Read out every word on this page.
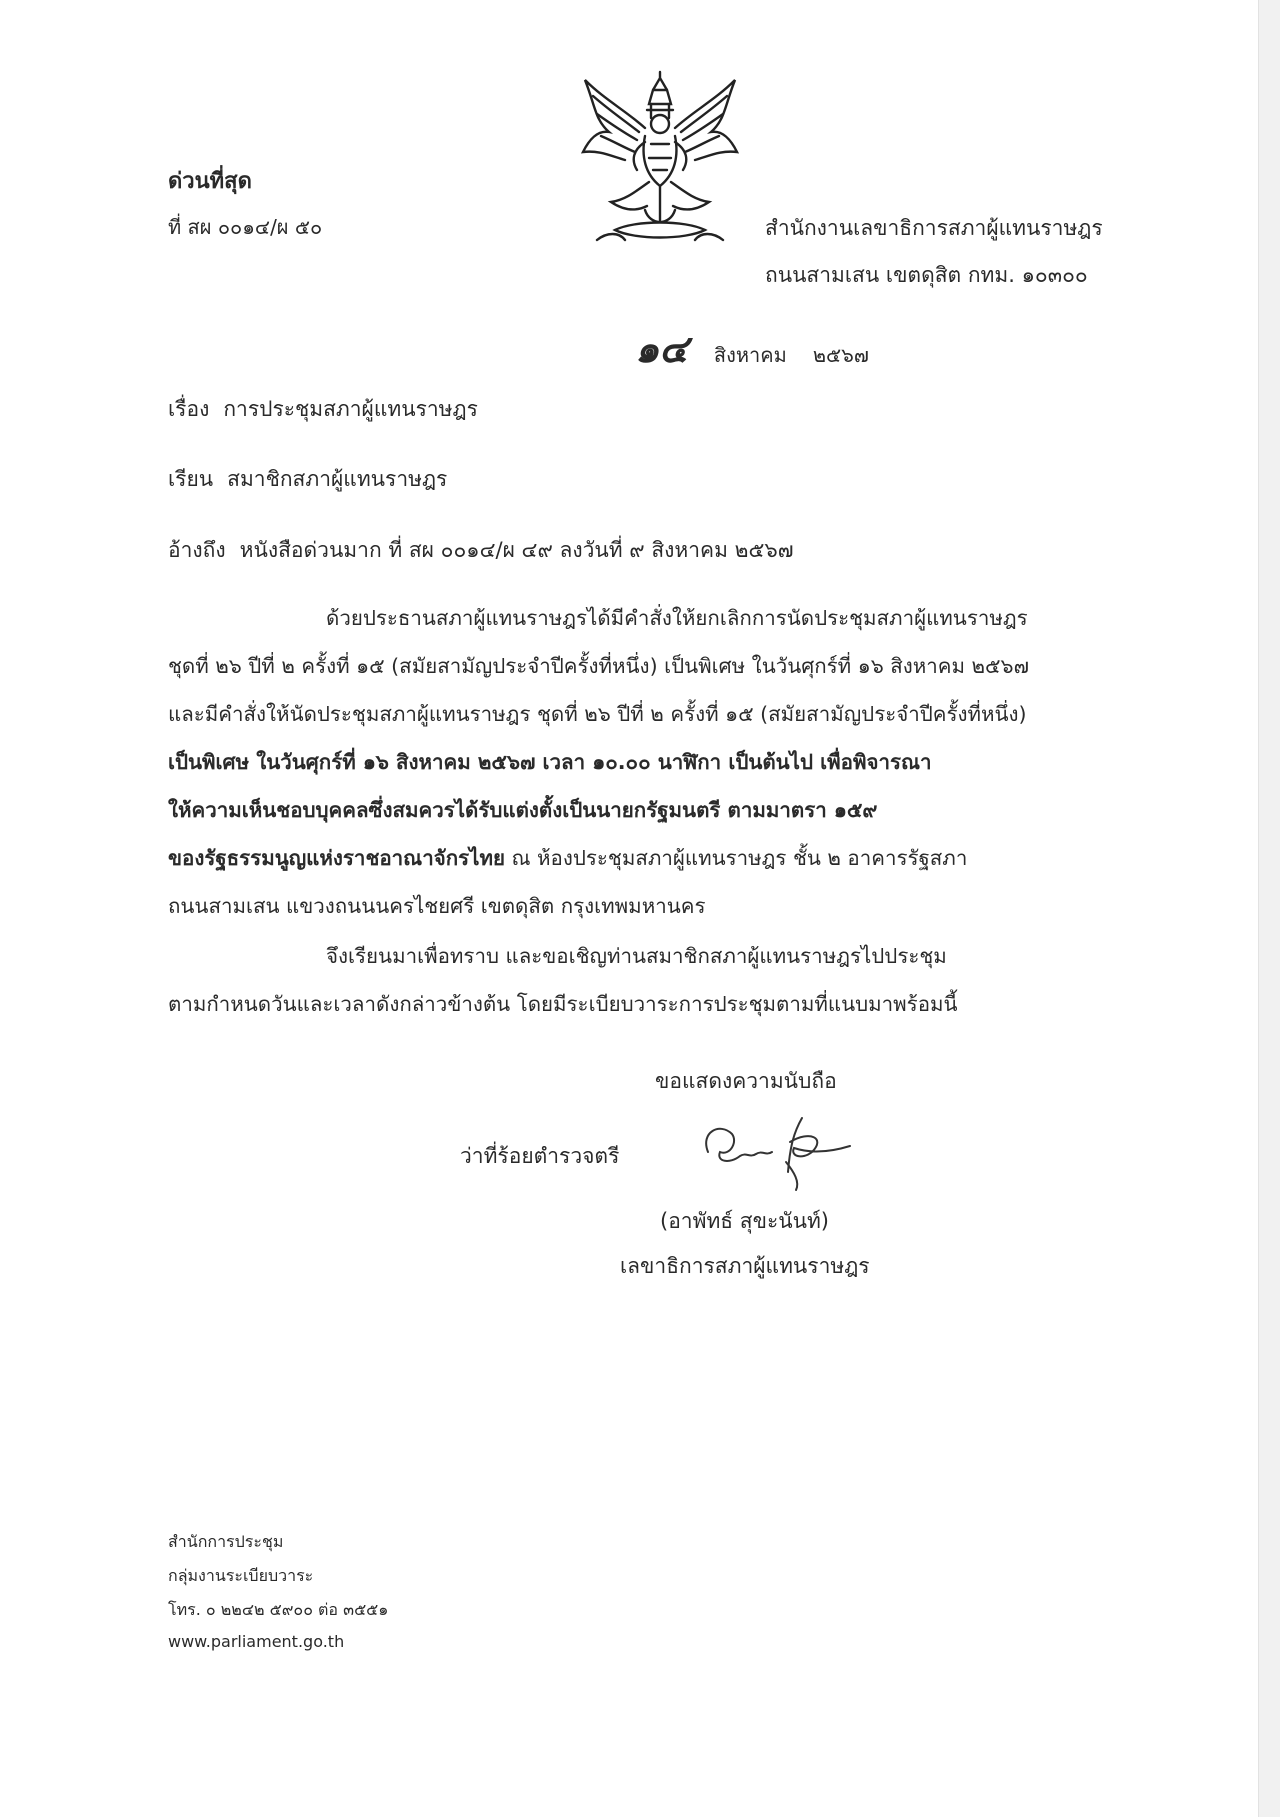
ด่วนที่สุด
ที่ สผ ๐๐๑๔/ผ ๕๐	สำนักงานเลขาธิการสภาผู้แทนราษฎร
ถนนสามเสน เขตดุสิต กทม. ๑๐๓๐๐
๑๔ สิงหาคม ๒๕๖๗
เรื่อง การประชุมสภาผู้แทนราษฎร
เรียน สมาชิกสภาผู้แทนราษฎร
อ้างถึง หนังสือด่วนมาก ที่ สผ ๐๐๑๔/ผ ๔๙ ลงวันที่ ๙ สิงหาคม ๒๕๖๗
ด้วยประธานสภาผู้แทนราษฎรได้มีคำสั่งให้ยกเลิกการนัดประชุมสภาผู้แทนราษฎร
ชุดที่ ๒๖ ปีที่ ๒ ครั้งที่ ๑๕ (สมัยสามัญประจำปีครั้งที่หนึ่ง) เป็นพิเศษ ในวันศุกร์ที่ ๑๖ สิงหาคม ๒๕๖๗
และมีคำสั่งให้นัดประชุมสภาผู้แทนราษฎร ชุดที่ ๒๖ ปีที่ ๒ ครั้งที่ ๑๕ (สมัยสามัญประจำปีครั้งที่หนึ่ง)
เป็นพิเศษ ในวันศุกร์ที่ ๑๖ สิงหาคม ๒๕๖๗ เวลา ๑๐.๐๐ นาฬิกา เป็นต้นไป เพื่อพิจารณา
ให้ความเห็นชอบบุคคลซึ่งสมควรได้รับแต่งตั้งเป็นนายกรัฐมนตรี ตามมาตรา ๑๕๙
ของรัฐธรรมนูญแห่งราชอาณาจักรไทย ณ ห้องประชุมสภาผู้แทนราษฎร ชั้น ๒ อาคารรัฐสภา
ถนนสามเสน แขวงถนนนครไชยศรี เขตดุสิต กรุงเทพมหานคร
จึงเรียนมาเพื่อทราบ และขอเชิญท่านสมาชิกสภาผู้แทนราษฎรไปประชุม
ตามกำหนดวันและเวลาดังกล่าวข้างต้น โดยมีระเบียบวาระการประชุมตามที่แนบมาพร้อมนี้
ขอแสดงความนับถือ
ว่าที่ร้อยตำรวจตรี
(อาพัทธ์ สุขะนันท์)
เลขาธิการสภาผู้แทนราษฎร
สำนักการประชุม
กลุ่มงานระเบียบวาระ
โทร. ๐ ๒๒๔๒ ๕๙๐๐ ต่อ ๓๕๕๑
www.parliament.go.th
